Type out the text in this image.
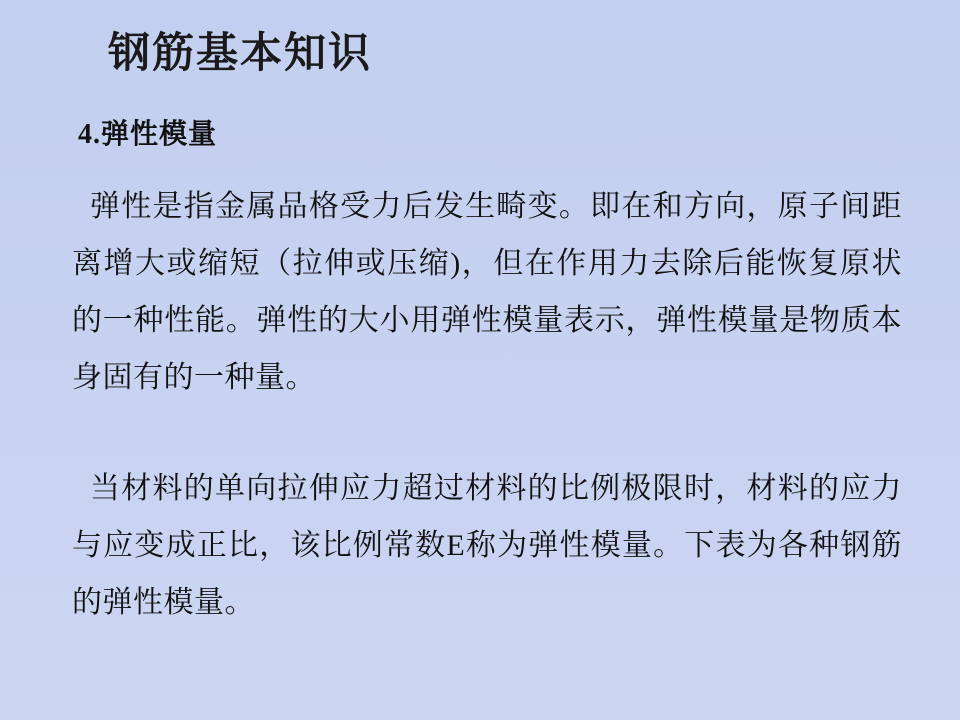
钢筋基本知识
4.弹性模量

弹性是指金属品格受力后发生畸变。即在和方向，原子间距离增大或缩短（拉伸或压缩)，但在作用力去除后能恢复原状的一种性能。弹性的大小用弹性模量表示，弹性模量是物质本身固有的一种量。

当材料的单向拉伸应力超过材料的比例极限时，材料的应力与应变成正比，该比例常数E称为弹性模量。下表为各种钢筋的弹性模量。
